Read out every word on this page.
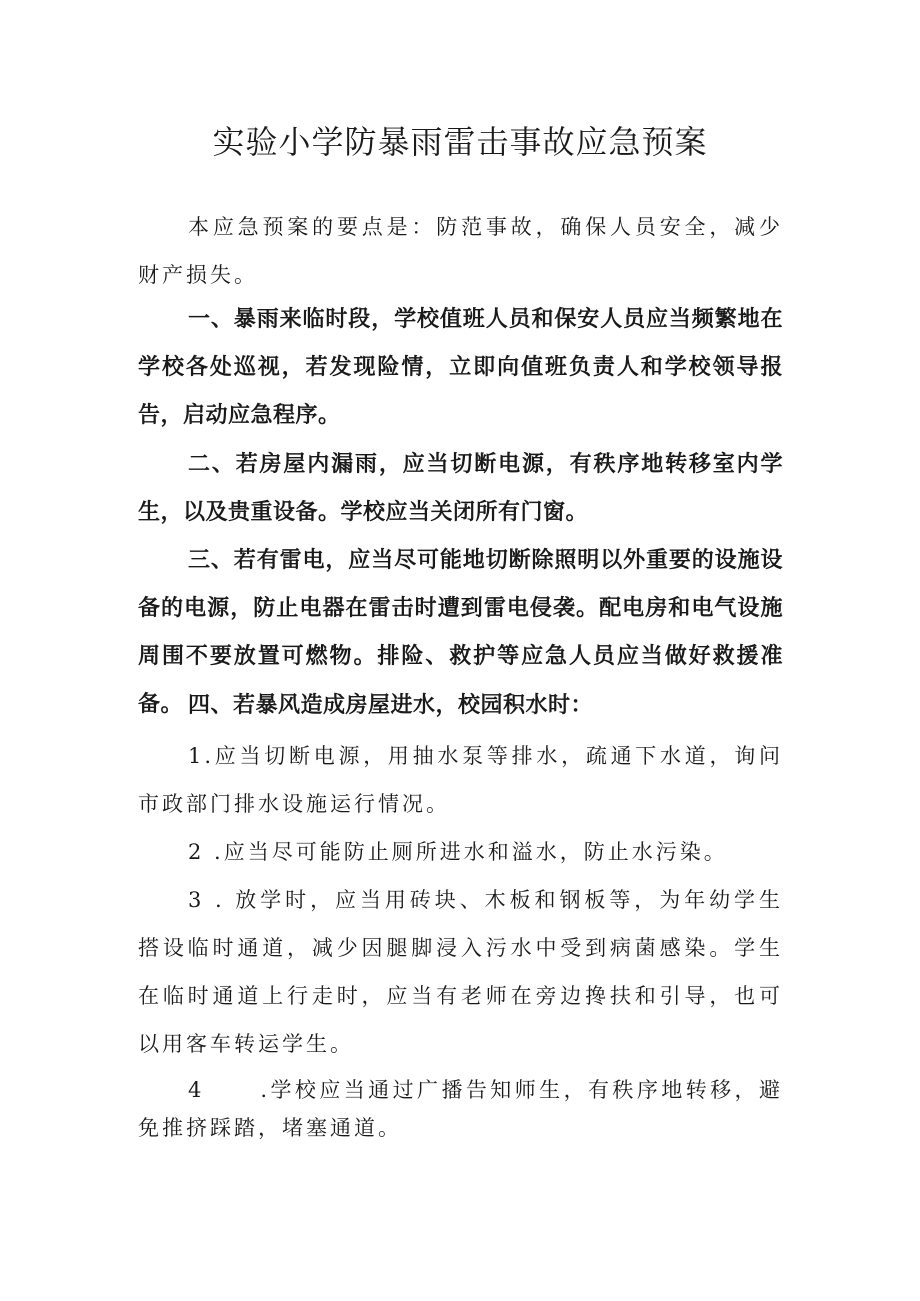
实验小学防暴雨雷击事故应急预案

本应急预案的要点是：防范事故，确保人员安全，减少财产损失。

一、暴雨来临时段，学校值班人员和保安人员应当频繁地在学校各处巡视，若发现险情，立即向值班负责人和学校领导报告，启动应急程序。

二、若房屋内漏雨，应当切断电源，有秩序地转移室内学生，以及贵重设备。学校应当关闭所有门窗。

三、若有雷电，应当尽可能地切断除照明以外重要的设施设备的电源，防止电器在雷击时遭到雷电侵袭。配电房和电气设施周围不要放置可燃物。排险、救护等应急人员应当做好救援准备。 四、若暴风造成房屋进水，校园积水时：

1.应当切断电源，用抽水泵等排水，疏通下水道，询问市政部门排水设施运行情况。

2 .应当尽可能防止厕所进水和溢水，防止水污染。

3 . 放学时，应当用砖块、木板和钢板等，为年幼学生搭设临时通道，减少因腿脚浸入污水中受到病菌感染。学生在临时通道上行走时，应当有老师在旁边搀扶和引导，也可以用客车转运学生。

4	.学校应当通过广播告知师生，有秩序地转移，避免推挤踩踏，堵塞通道。
